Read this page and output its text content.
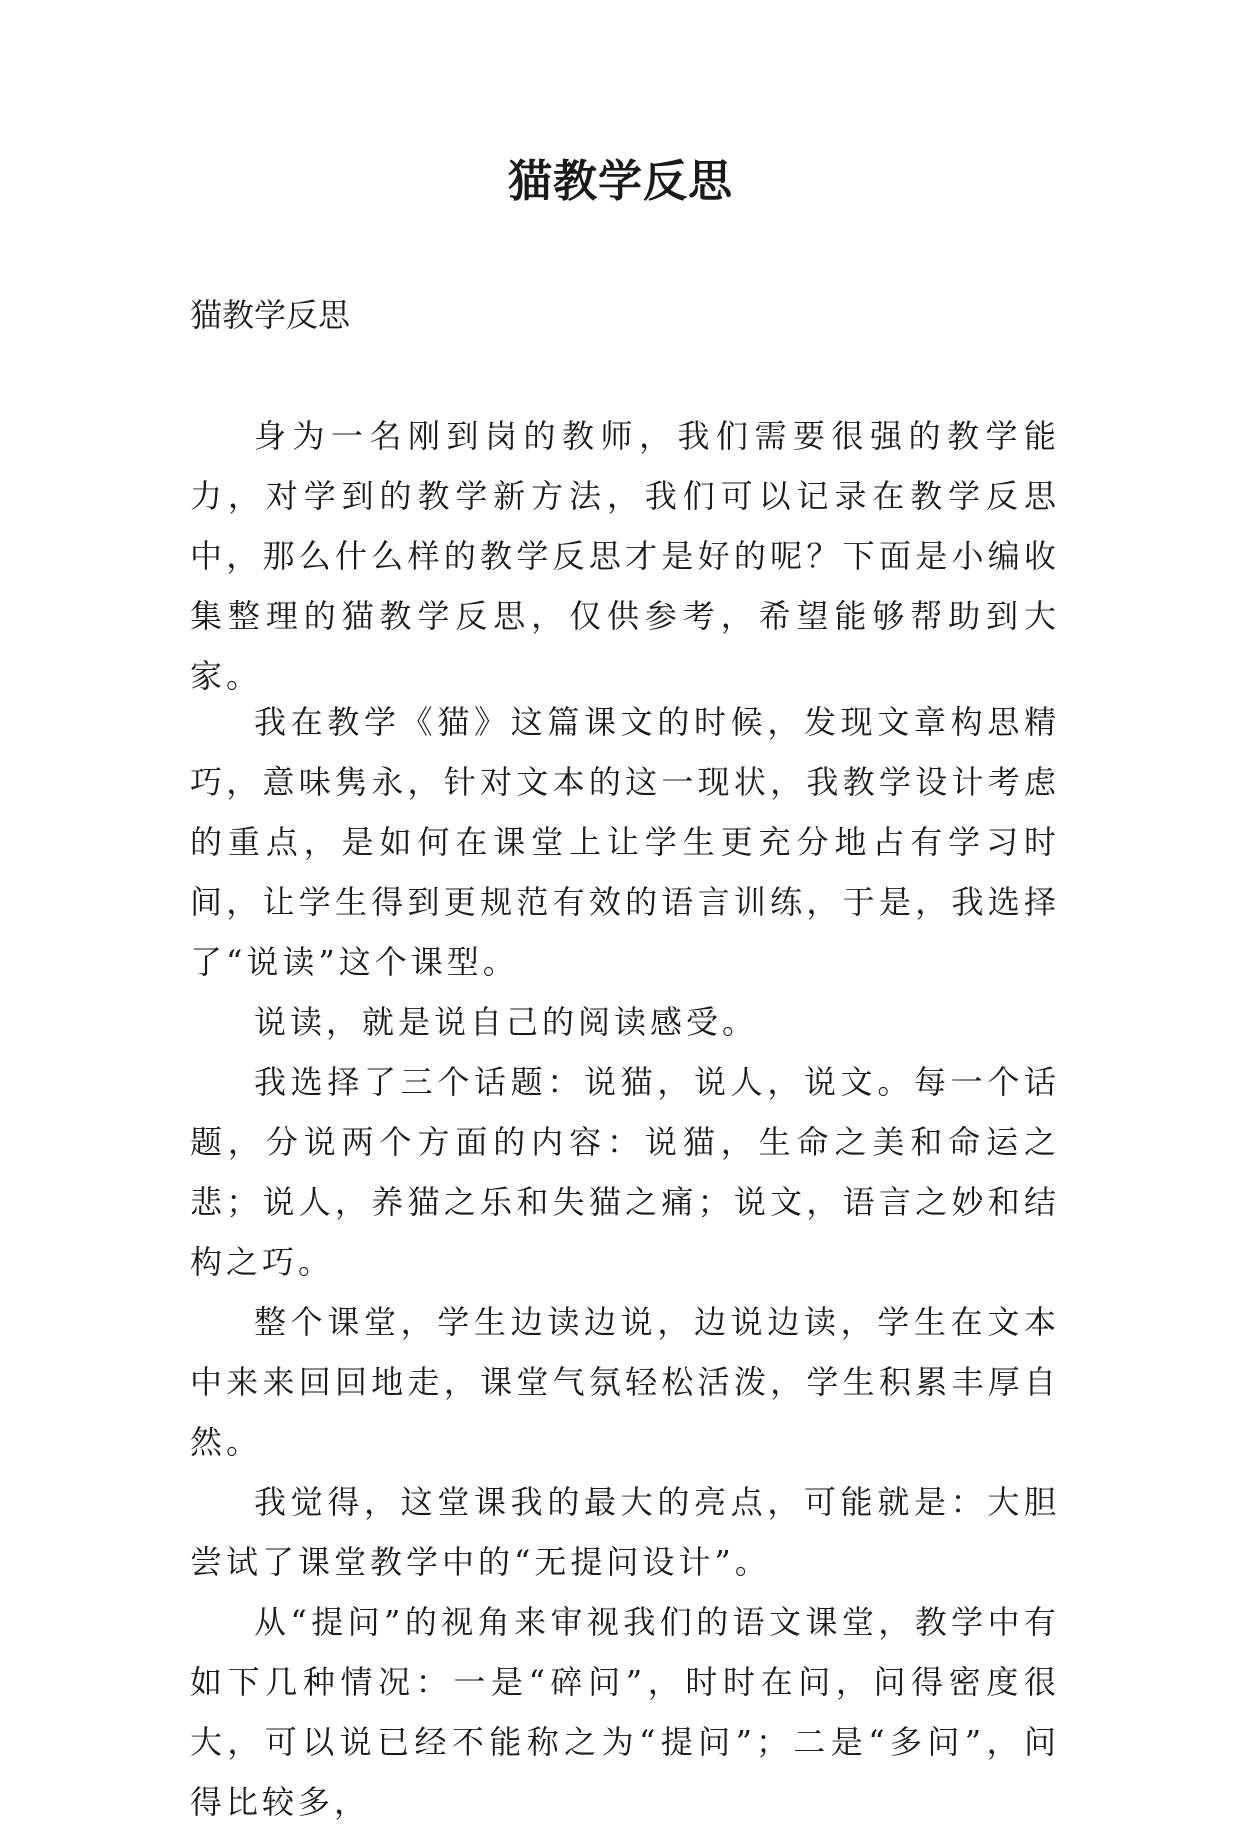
猫教学反思
猫教学反思

身为一名刚到岗的教师，我们需要很强的教学能力，对学到的教学新方法，我们可以记录在教学反思中，那么什么样的教学反思才是好的呢？下面是小编收集整理的猫教学反思，仅供参考，希望能够帮助到大家。

我在教学《猫》这篇课文的时候，发现文章构思精巧，意味隽永，针对文本的这一现状，我教学设计考虑的重点，是如何在课堂上让学生更充分地占有学习时间，让学生得到更规范有效的语言训练，于是，我选择了“说读”这个课型。

说读，就是说自己的阅读感受。

我选择了三个话题：说猫，说人，说文。每一个话题，分说两个方面的内容：说猫，生命之美和命运之悲；说人，养猫之乐和失猫之痛；说文，语言之妙和结构之巧。

整个课堂，学生边读边说，边说边读，学生在文本中来来回回地走，课堂气氛轻松活泼，学生积累丰厚自然。

我觉得，这堂课我的最大的亮点，可能就是：大胆尝试了课堂教学中的“无提问设计”。

从“提问”的视角来审视我们的语文课堂，教学中有如下几种情况：一是“碎问”，时时在问，问得密度很大，可以说已经不能称之为“提问”；二是“多问”，问得比较多，
